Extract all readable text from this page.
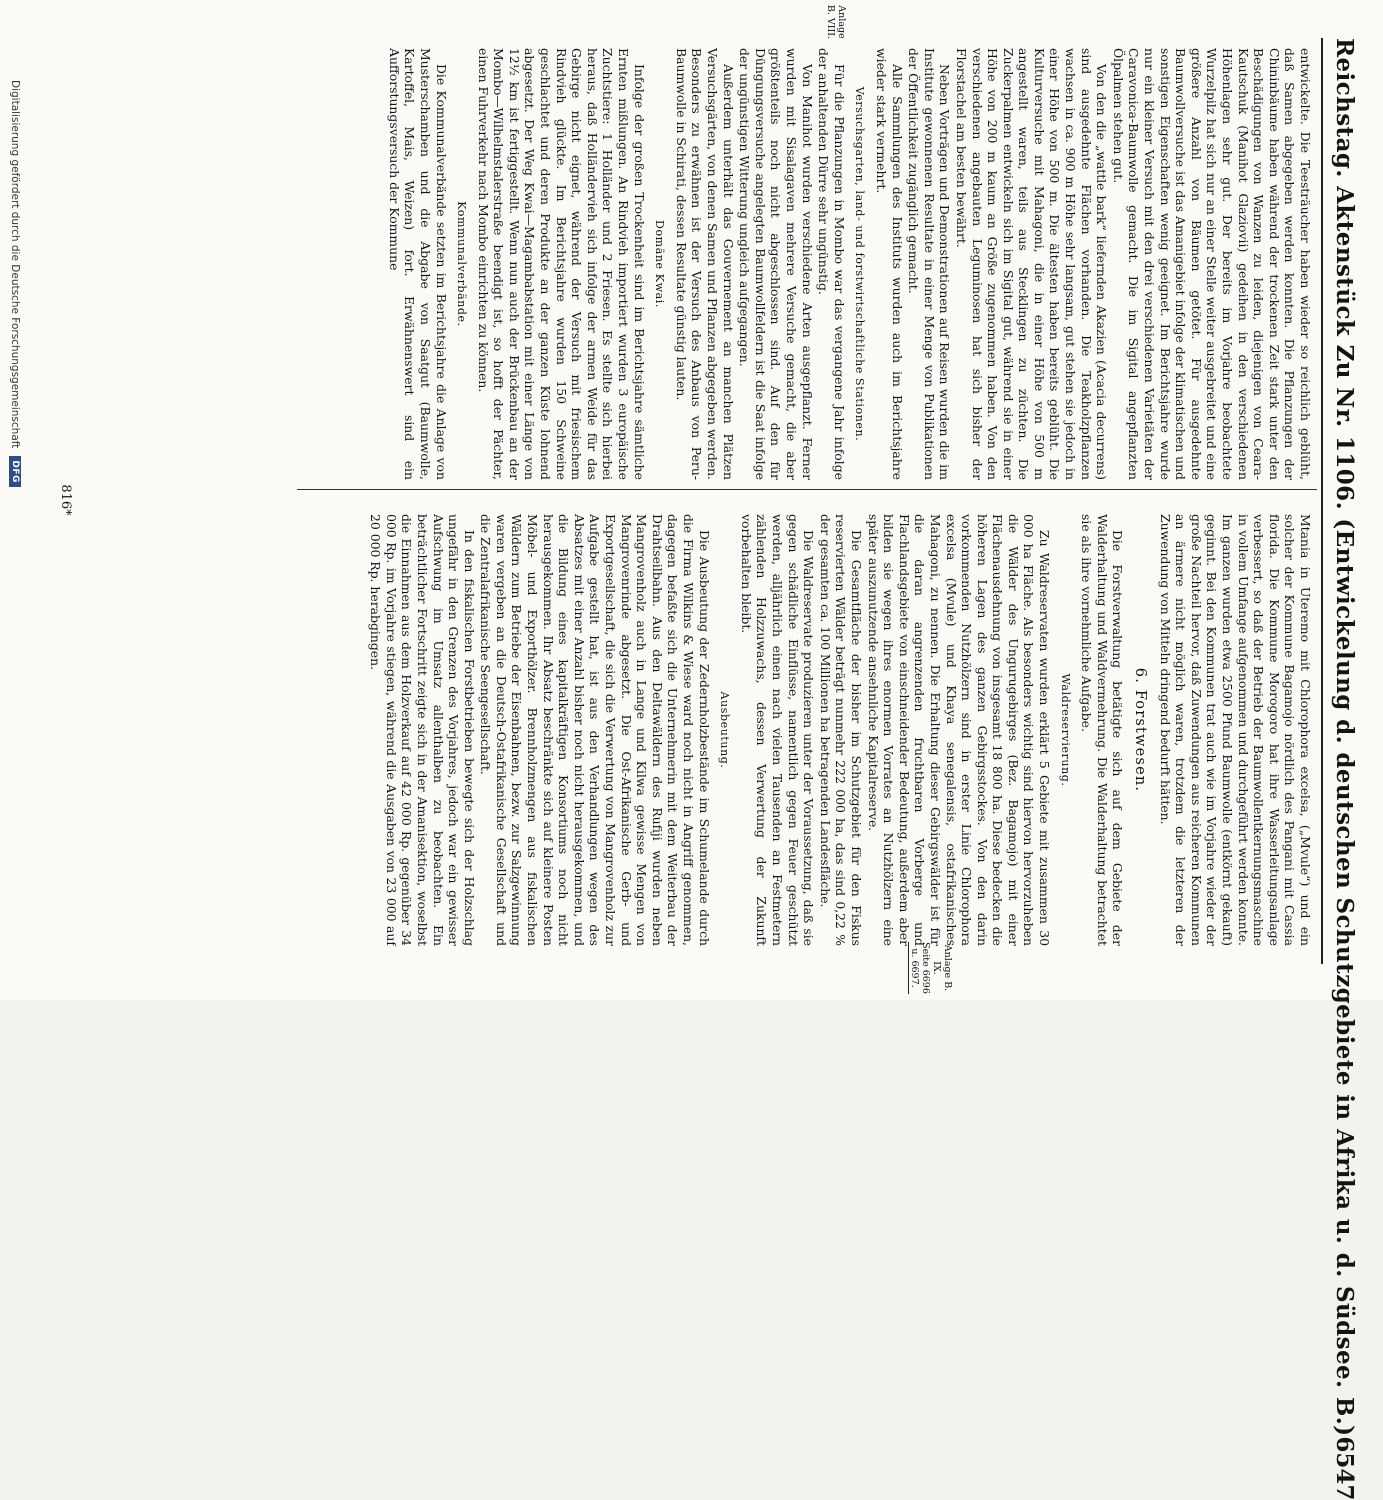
Reichstag. Aktenstück Zu Nr. 1106. (Entwickelung d. deutschen Schutzgebiete in Afrika u. d. Südsee. B.)
6547
Anlage B. VIII.
Anlage B. IX.
Seite 6696
u. 6697.

entwickelte. Die Teesträucher haben wieder so reichlich geblüht, daß Samen abgegeben werden konnten. Die Pflanzungen der Chininbäume haben während der trockenen Zeit stark unter den Beschädigungen von Wanzen zu leiden, diejenigen von Ceara-Kautschuk (Manihot Glaziovii) gedeihen in den verschiedenen Höhenlagen sehr gut. Der bereits im Vorjahre beobachtete Wurzelpilz hat sich nur an einer Stelle weiter ausgebreitet und eine größere Anzahl von Bäumen getötet. Für ausgedehnte Baumwollversuche ist das Amanigebiet infolge der klimatischen und sonstigen Eigenschaften wenig geeignet. Im Berichtsjahre wurde nur ein kleiner Versuch mit den drei verschiedenen Varietäten der Caravonica-Baumwolle gemacht. Die im Sigital angepflanzten Ölpalmen stehen gut.

Von den die „wattle bark“ liefernden Akazien (Acacia decurrens) sind ausgedehnte Flächen vorhanden. Die Teakholzpflanzen wachsen in ca. 900 m Höhe sehr langsam, gut stehen sie jedoch in einer Höhe von 500 m. Die ältesten haben bereits geblüht. Die Kulturversuche mit Mahagoni, die in einer Höhe von 500 m angestellt waren, teils aus Stecklingen zu züchten. Die Zuckerpalmen entwickeln sich im Sigital gut, während sie in einer Höhe von 200 m kaum an Größe zugenommen haben. Von den verschiedenen angebauten Leguminosen hat sich bisher der Florstachel am besten bewährt.

Neben Vorträgen und Demonstrationen auf Reisen wurden die im Institute gewonnenen Resultate in einer Menge von Publikationen der Öffentlichkeit zugänglich gemacht.

Alle Sammlungen des Instituts wurden auch im Berichtsjahre wieder stark vermehrt.

Versuchsgarten, land- und forstwirtschaftliche Stationen.

Für die Pflanzungen in Mombo war das vergangene Jahr infolge der anhaltenden Dürre sehr ungünstig.

Von Manihot wurden verschiedene Arten ausgepflanzt. Ferner wurden mit Sisalagaven mehrere Versuche gemacht, die aber größtenteils noch nicht abgeschlossen sind. Auf den für Düngungsversuche angelegten Baumwollfeldern ist die Saat infolge der ungünstigen Witterung ungleich aufgegangen.

Außerdem unterhält das Gouvernement an manchen Plätzen Versuchsgärten, von denen Samen und Pflanzen abgegeben werden. Besonders zu erwähnen ist der Versuch des Anbaus von Peru-Baumwolle in Schirati, dessen Resultate günstig lauten.

Domäne Kwai.

Infolge der großen Trockenheit sind im Berichtsjahre sämtliche Ernten mißlungen. An Rindvieh importiert wurden 3 europäische Zuchtstiere: 1 Holländer und 2 Friesen. Es stellte sich hierbei heraus, daß Holländervieh sich infolge der armen Weide für das Gebirge nicht eignet, während der Versuch mit friesischem Rindvieh glückte. Im Berichtsjahre wurden 150 Schweine geschlachtet und deren Produkte an der ganzen Küste lohnend abgesetzt. Der Weg Kwai—Magambabstation mit einer Länge von 12½ km ist fertiggestellt. Wenn nun auch der Brückenbau an der Mombo—Wilhelmstalerstraße beendigt ist, so hofft der Pächter, einen Fuhrverkehr nach Mombo einrichten zu können.

Kommunalverbände.

Die Kommunalverbände setzten im Berichtsjahre die Anlage von Musterschamben und die Abgabe von Saatgut (Baumwolle, Kartoffel, Mais, Weizen) fort. Erwähnenswert sind ein Aufforstungsversuch der Kommune

Mtania in Uteremo mit Chlorophora excelsa, („Mvule“) und ein solcher der Kommune Bagamojo nördlich des Pangani mit Cassia florida. Die Kommune Morogoro hat ihre Wasserleitungsanlage verbessert, so daß der Betrieb der Baumwollentkernungsmaschine in vollem Umfange aufgenommen und durchgeführt werden konnte. Im ganzen wurden etwa 2500 Pfund Baumwolle (entkörnt gekauft) geginnt. Bei den Kommunen trat auch wie im Vorjahre wieder der große Nachteil hervor, daß Zuwendungen aus reicheren Kommunen an ärmere nicht möglich waren, trotzdem die letzteren der Zuwendung von Mitteln dringend bedurft hätten.

6. Forstwesen.

Die Forstverwaltung betätigte sich auf dem Gebiete der Walderhaltung und Waldvermehrung. Die Walderhaltung betrachtet sie als ihre vornehmliche Aufgabe.

Waldreservierung.

Zu Waldreservaten wurden erklärt 5 Gebiete mit zusammen 30 000 ha Fläche. Als besonders wichtig sind hiervon hervorzuheben die Wälder des Ungurugebirges (Bez. Bagamojo) mit einer Flächenausdehnung von insgesamt 18 800 ha. Diese bedecken die höheren Lagen des ganzen Gebirgsstockes. Von den darin vorkommenden Nutzhölzern sind in erster Linie Chlorophora excelsa (Mvule) und Khaya senegalensis, ostafrikanisches Mahagoni, zu nennen. Die Erhaltung dieser Gebirgswälder ist für die daran angrenzenden fruchtbaren Vorberge und Flachlandsgebiete von einschneidender Bedeutung, außerdem aber bilden sie wegen ihres enormen Vorrates an Nutzhölzern eine später auszunutzende ansehnliche Kapitalreserve.

Die Gesamtfläche der bisher im Schutzgebiet für den Fiskus reservierten Wälder beträgt nunmehr 222 000 ha, das sind 0,22 % der gesamten ca. 100 Millionen ha betragenden Landesfläche.

Die Waldreservate produzieren unter der Voraussetzung, daß sie gegen schädliche Einflüsse, namentlich gegen Feuer geschützt werden, alljährlich einen nach vielen Tausenden an Festmetern zählenden Holzzuwachs, dessen Verwertung der Zukunft vorbehalten bleibt.

Ausbeutung.

Die Ausbeutung der Zedernholzbestände im Schumelande durch die Firma Wilkins & Wiese ward noch nicht in Angriff genommen, dagegen befaßte sich die Unternehmerin mit dem Weiterbau der Drahtseilbahn. Aus den Deltawäldern des Rufiji wurden neben Mangrovenholz auch in Lange und Kilwa gewisse Mengen von Mangrovenrinde abgesetzt. Die Ost-Afrikanische Gerb- und Exportgesellschaft, die sich die Verwertung von Mangrovenholz zur Aufgabe gestellt hat, ist aus den Verhandlungen wegen des Absatzes mit einer Anzahl bisher noch nicht herausgekommen, und die Bildung eines kapitalkräftigen Konsortiums noch nicht herausgekommen. Ihr Absatz beschränkte sich auf kleinere Posten Möbel- und Exporthölzer. Brennholzmengen aus fiskalischen Wäldern zum Betriebe der Eisenbahnen, bezw. zur Salzgewinnung waren vergeben an die Deutsch-Ostafrikanische Gesellschaft und die Zentralafrikanische Seengesellschaft.

In den fiskalischen Forstbetrieben bewegte sich der Holzschlag ungefähr in den Grenzen des Vorjahres, jedoch war ein gewisser Aufschwung im Umsatz allenthalben zu beobachten. Ein beträchtlicher Fortschritt zeigte sich in der Amanisektion, woselbst die Einnahmen aus dem Holzverkauf auf 42 000 Rp. gegenüber 34 000 Rp. im Vorjahre stiegen, während die Ausgaben von 23 000 auf 20 000 Rp. herabgingen.

816*
Digitalisierung gefördert durch die Deutsche Forschungsgemeinschaft
DFG
